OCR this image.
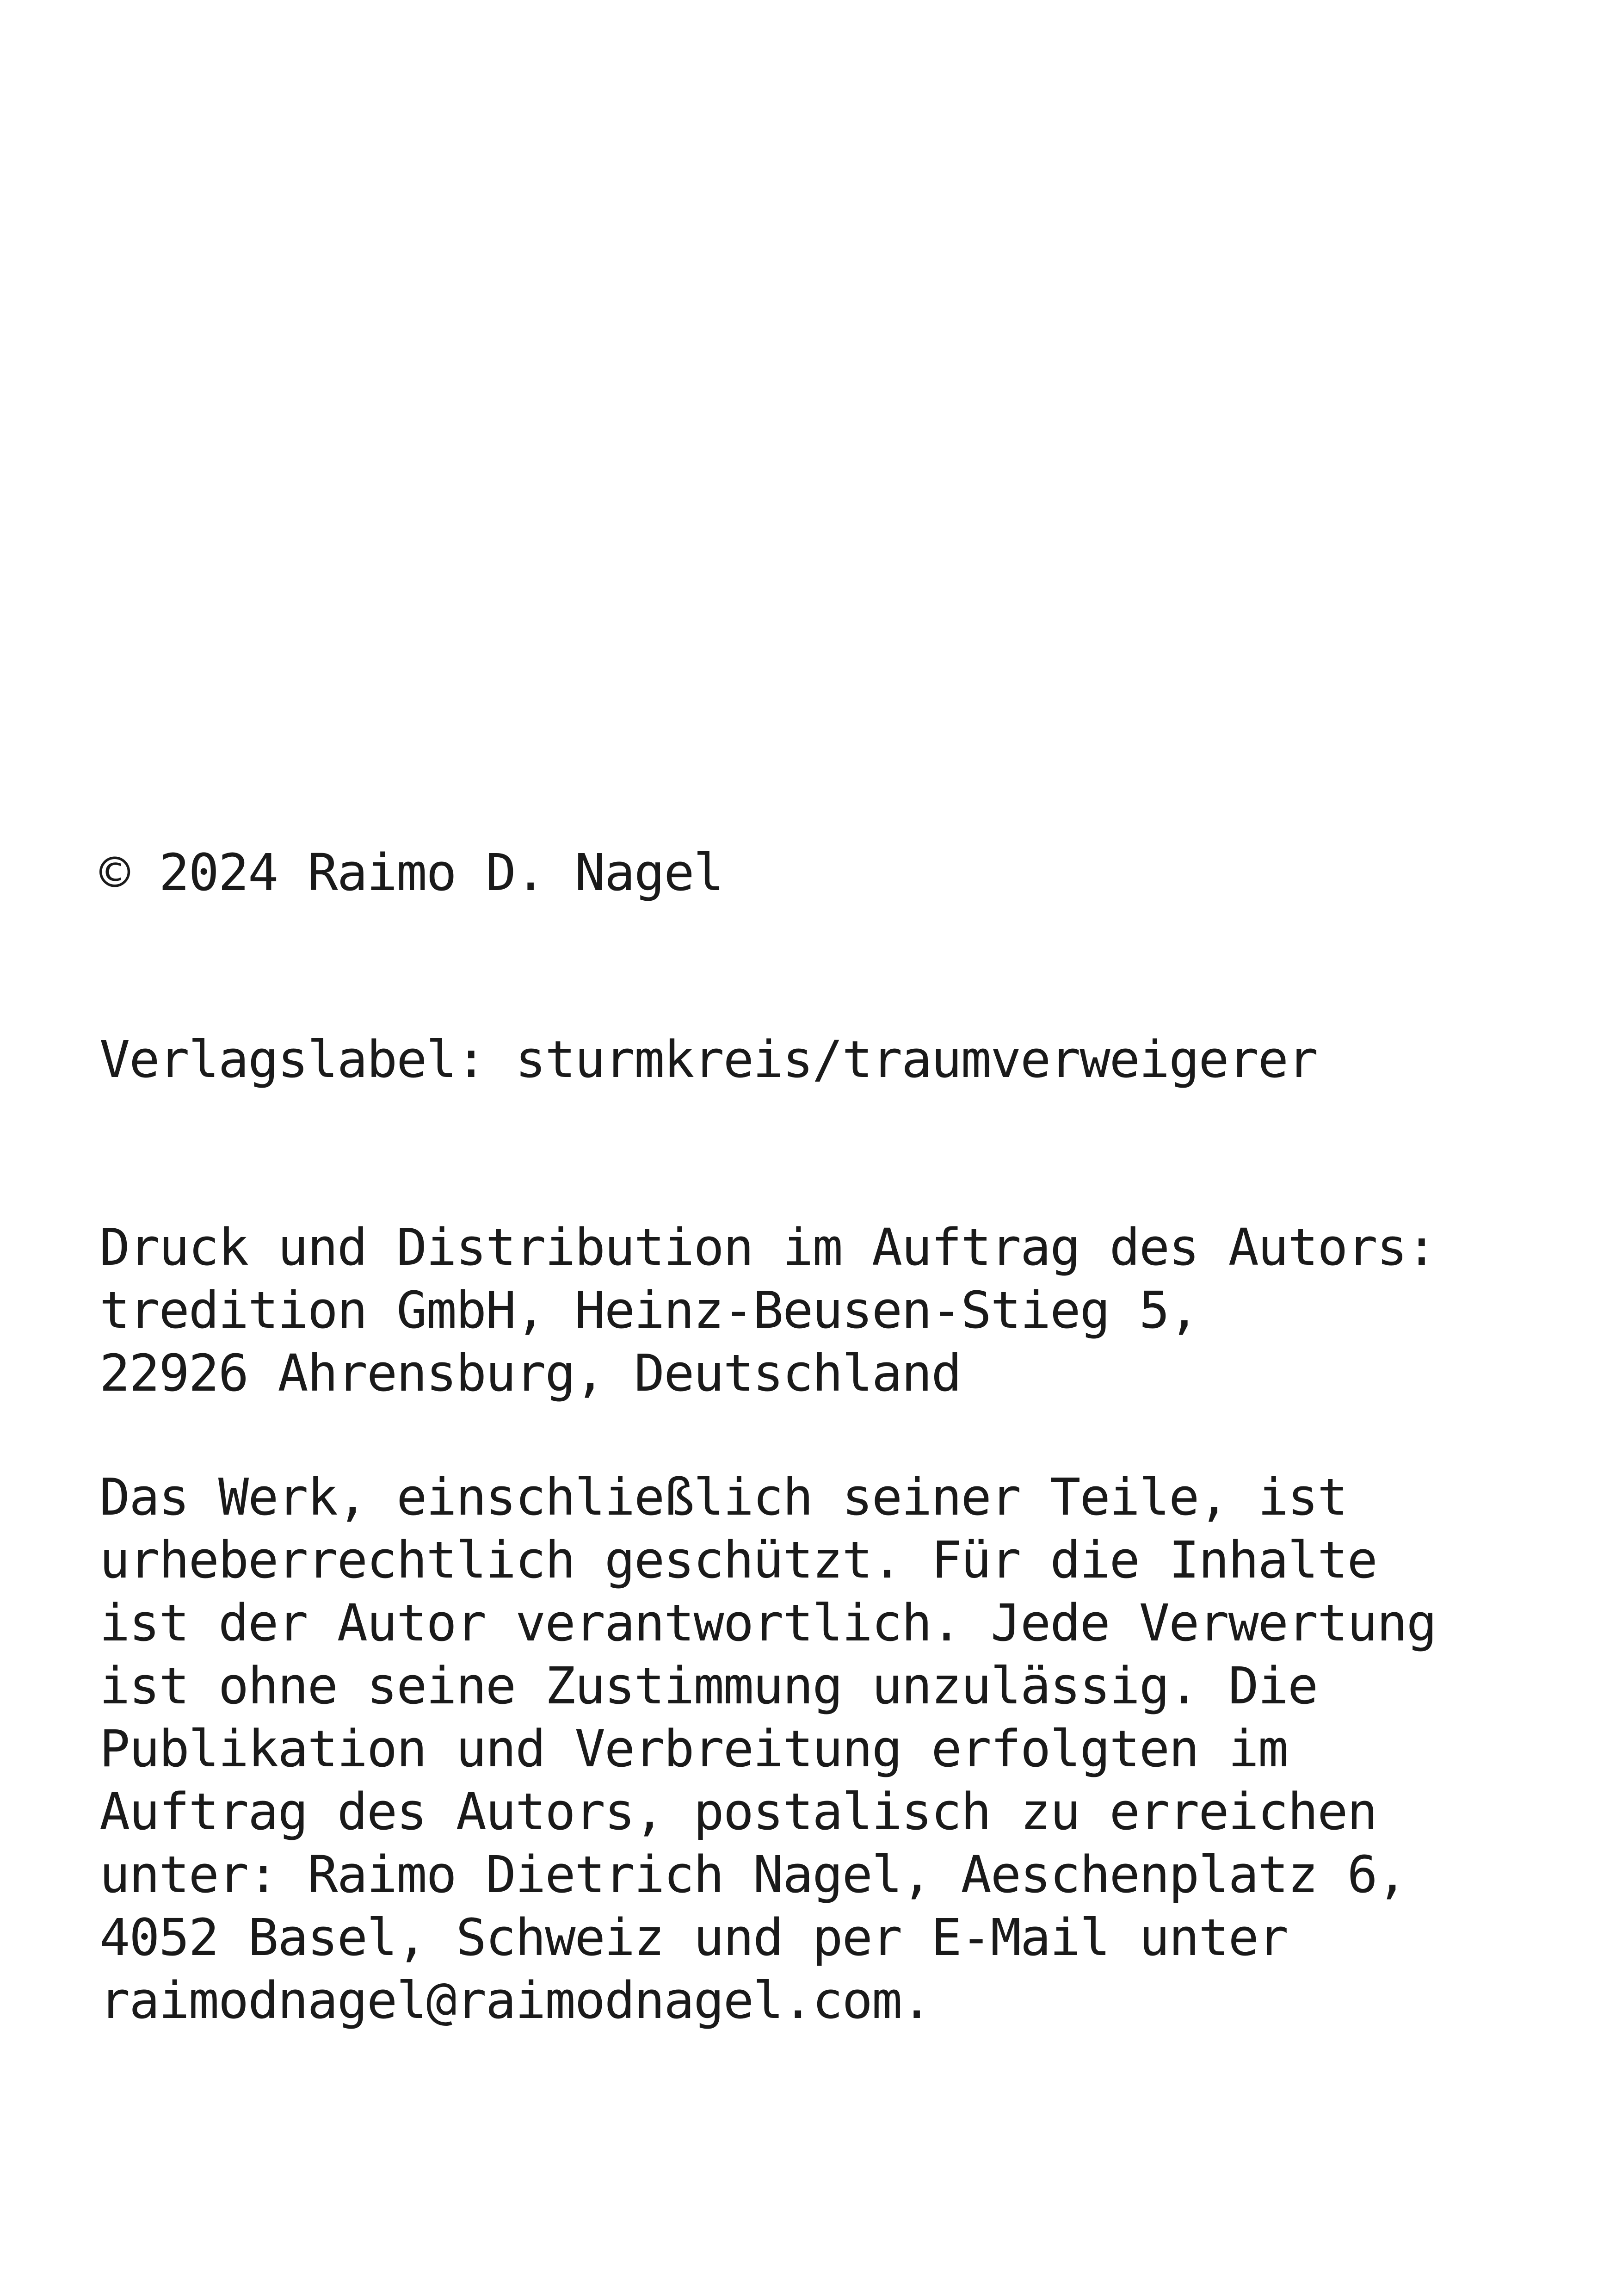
© 2024 Raimo D. Nagel
Verlagslabel: sturmkreis/traumverweigerer
Druck und Distribution im Auftrag des Autors:
tredition GmbH, Heinz-Beusen-Stieg 5,
22926 Ahrensburg, Deutschland
Das Werk, einschließlich seiner Teile, ist
urheberrechtlich geschützt. Für die Inhalte
ist der Autor verantwortlich. Jede Verwertung
ist ohne seine Zustimmung unzulässig. Die
Publikation und Verbreitung erfolgten im
Auftrag des Autors, postalisch zu erreichen
unter: Raimo Dietrich Nagel, Aeschenplatz 6,
4052 Basel, Schweiz und per E-Mail unter
raimodnagel@raimodnagel.com.
